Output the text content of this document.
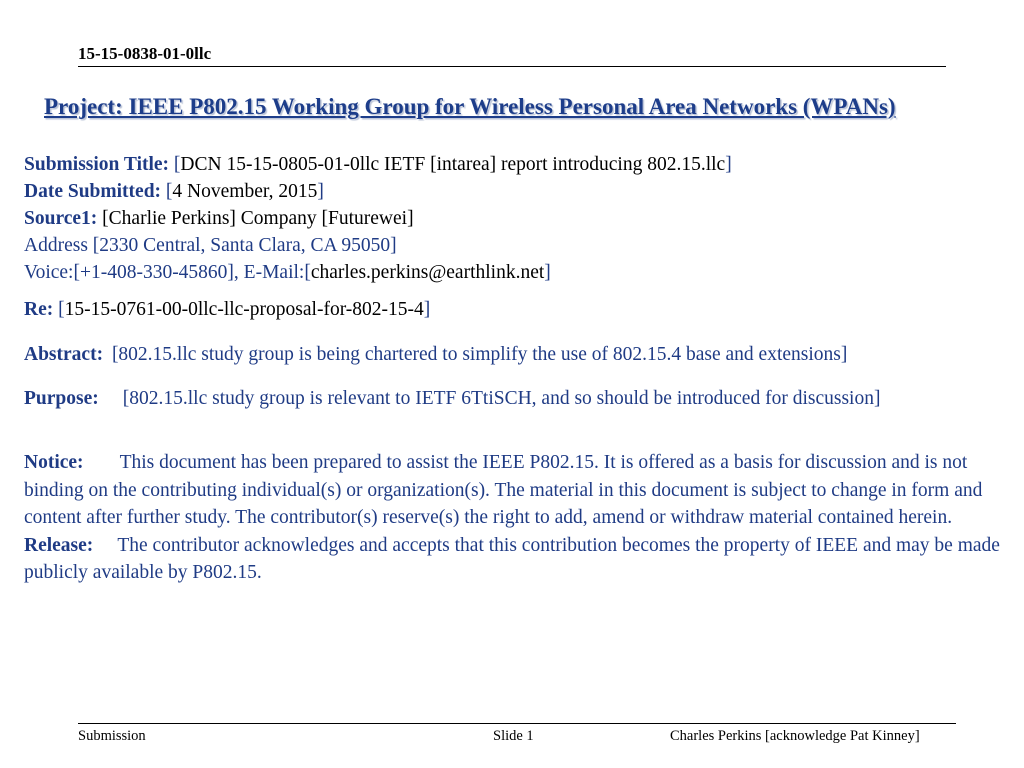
15-15-0838-01-0llc
Project: IEEE P802.15 Working Group for Wireless Personal Area Networks (WPANs)
Submission Title: [DCN 15-15-0805-01-0llc IETF [intarea] report introducing 802.15.llc]
Date Submitted: [4 November, 2015]
Source1: [Charlie Perkins] Company [Futurewei]
Address [2330 Central, Santa Clara, CA 95050]
Voice:[+1-408-330-45860], E-Mail:[charles.perkins@earthlink.net]
Re: [15-15-0761-00-0llc-llc-proposal-for-802-15-4]
Abstract: [802.15.llc study group is being chartered to simplify the use of 802.15.4 base and extensions]
Purpose: [802.15.llc study group is relevant to IETF 6TtiSCH, and so should be introduced for discussion]
Notice: This document has been prepared to assist the IEEE P802.15. It is offered as a basis for discussion and is not binding on the contributing individual(s) or organization(s). The material in this document is subject to change in form and content after further study. The contributor(s) reserve(s) the right to add, amend or withdraw material contained herein.
Release: The contributor acknowledges and accepts that this contribution becomes the property of IEEE and may be made publicly available by P802.15.
Submission	Slide 1	Charles Perkins [acknowledge Pat Kinney]
